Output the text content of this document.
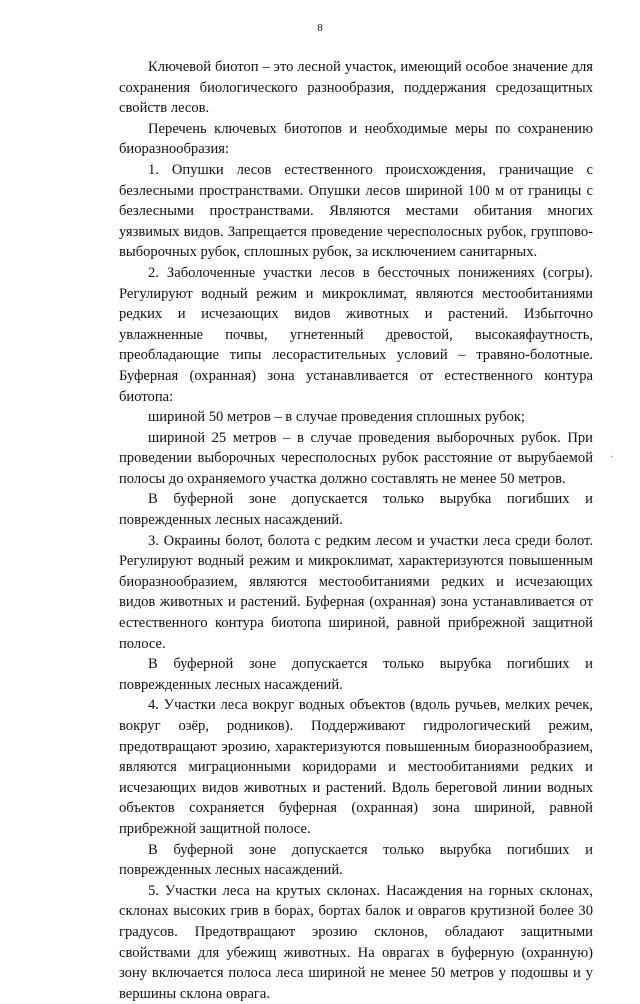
8

Ключевой биотоп – это лесной участок, имеющий особое значение для сохранения биологического разнообразия, поддержания средозащитных свойств лесов.

Перечень ключевых биотопов и необходимые меры по сохранению биоразнообразия:

1. Опушки лесов естественного происхождения, граничащие с безлесными пространствами. Опушки лесов шириной 100 м от границы с безлесными пространствами. Являются местами обитания многих уязвимых видов. Запрещается проведение чересполосных рубок, группово-выборочных рубок, сплошных рубок, за исключением санитарных.

2. Заболоченные участки лесов в бессточных понижениях (согры). Регулируют водный режим и микроклимат, являются местообитаниями редких и исчезающих видов животных и растений. Избыточно увлажненные почвы, угнетенный древостой, высокаяфаутность, преобладающие типы лесорастительных условий – травяно-болотные. Буферная (охранная) зона устанавливается от естественного контура биотопа:

шириной 50 метров – в случае проведения сплошных рубок;

шириной 25 метров – в случае проведения выборочных рубок. При проведении выборочных чересполосных рубок расстояние от вырубаемой полосы до охраняемого участка должно составлять не менее 50 метров.

В буферной зоне допускается только вырубка погибших и поврежденных лесных насаждений.

3. Окраины болот, болота с редким лесом и участки леса среди болот. Регулируют водный режим и микроклимат, характеризуются повышенным биоразнообразием, являются местообитаниями редких и исчезающих видов животных и растений. Буферная (охранная) зона устанавливается от естественного контура биотопа шириной, равной прибрежной защитной полосе.

В буферной зоне допускается только вырубка погибших и поврежденных лесных насаждений.

4. Участки леса вокруг водных объектов (вдоль ручьев, мелких речек, вокруг озёр, родников). Поддерживают гидрологический режим, предотвращают эрозию, характеризуются повышенным биоразнообразием, являются миграционными коридорами и местообитаниями редких и исчезающих видов животных и растений. Вдоль береговой линии водных объектов сохраняется буферная (охранная) зона шириной, равной прибрежной защитной полосе.

В буферной зоне допускается только вырубка погибших и поврежденных лесных насаждений.

5. Участки леса на крутых склонах. Насаждения на горных склонах, склонах высоких грив в борах, бортах балок и оврагов крутизной более 30 градусов. Предотвращают эрозию склонов, обладают защитными свойствами для убежищ животных. На оврагах в буферную (охранную) зону включается полоса леса шириной не менее 50 метров у подошвы и у вершины склона оврага.

·
